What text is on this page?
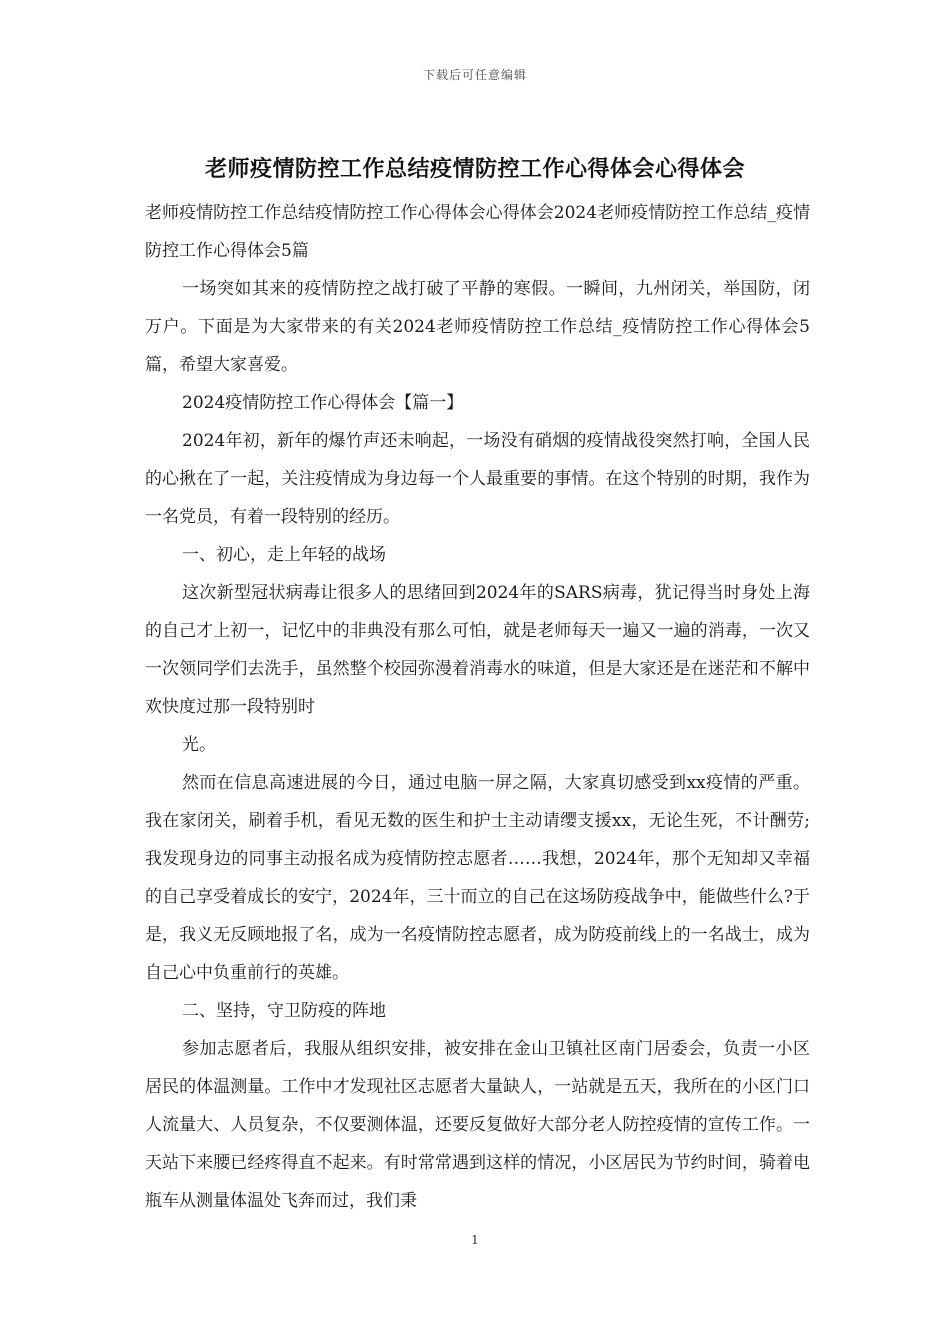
下载后可任意编辑
老师疫情防控工作总结疫情防控工作心得体会心得体会

老师疫情防控工作总结疫情防控工作心得体会心得体会2024老师疫情防控工作总结_疫情防控工作心得体会5篇

一场突如其来的疫情防控之战打破了平静的寒假。一瞬间，九州闭关，举国防，闭万户。下面是为大家带来的有关2024老师疫情防控工作总结_疫情防控工作心得体会5篇，希望大家喜爱。

2024疫情防控工作心得体会【篇一】

2024年初，新年的爆竹声还未响起，一场没有硝烟的疫情战役突然打响，全国人民的心揪在了一起，关注疫情成为身边每一个人最重要的事情。在这个特别的时期，我作为一名党员，有着一段特别的经历。

一、初心，走上年轻的战场

这次新型冠状病毒让很多人的思绪回到2024年的SARS病毒，犹记得当时身处上海的自己才上初一，记忆中的非典没有那么可怕，就是老师每天一遍又一遍的消毒，一次又一次领同学们去洗手，虽然整个校园弥漫着消毒水的味道，但是大家还是在迷茫和不解中欢快度过那一段特别时

光。

然而在信息高速进展的今日，通过电脑一屏之隔，大家真切感受到xx疫情的严重。我在家闭关，刷着手机，看见无数的医生和护士主动请缨支援xx，无论生死，不计酬劳;我发现身边的同事主动报名成为疫情防控志愿者……我想，2024年，那个无知却又幸福的自己享受着成长的安宁，2024年，三十而立的自己在这场防疫战争中，能做些什么?于是，我义无反顾地报了名，成为一名疫情防控志愿者，成为防疫前线上的一名战士，成为自己心中负重前行的英雄。

二、坚持，守卫防疫的阵地

参加志愿者后，我服从组织安排，被安排在金山卫镇社区南门居委会，负责一小区居民的体温测量。工作中才发现社区志愿者大量缺人，一站就是五天，我所在的小区门口人流量大、人员复杂，不仅要测体温，还要反复做好大部分老人防控疫情的宣传工作。一天站下来腰已经疼得直不起来。有时常常遇到这样的情况，小区居民为节约时间，骑着电瓶车从测量体温处飞奔而过，我们秉

1
